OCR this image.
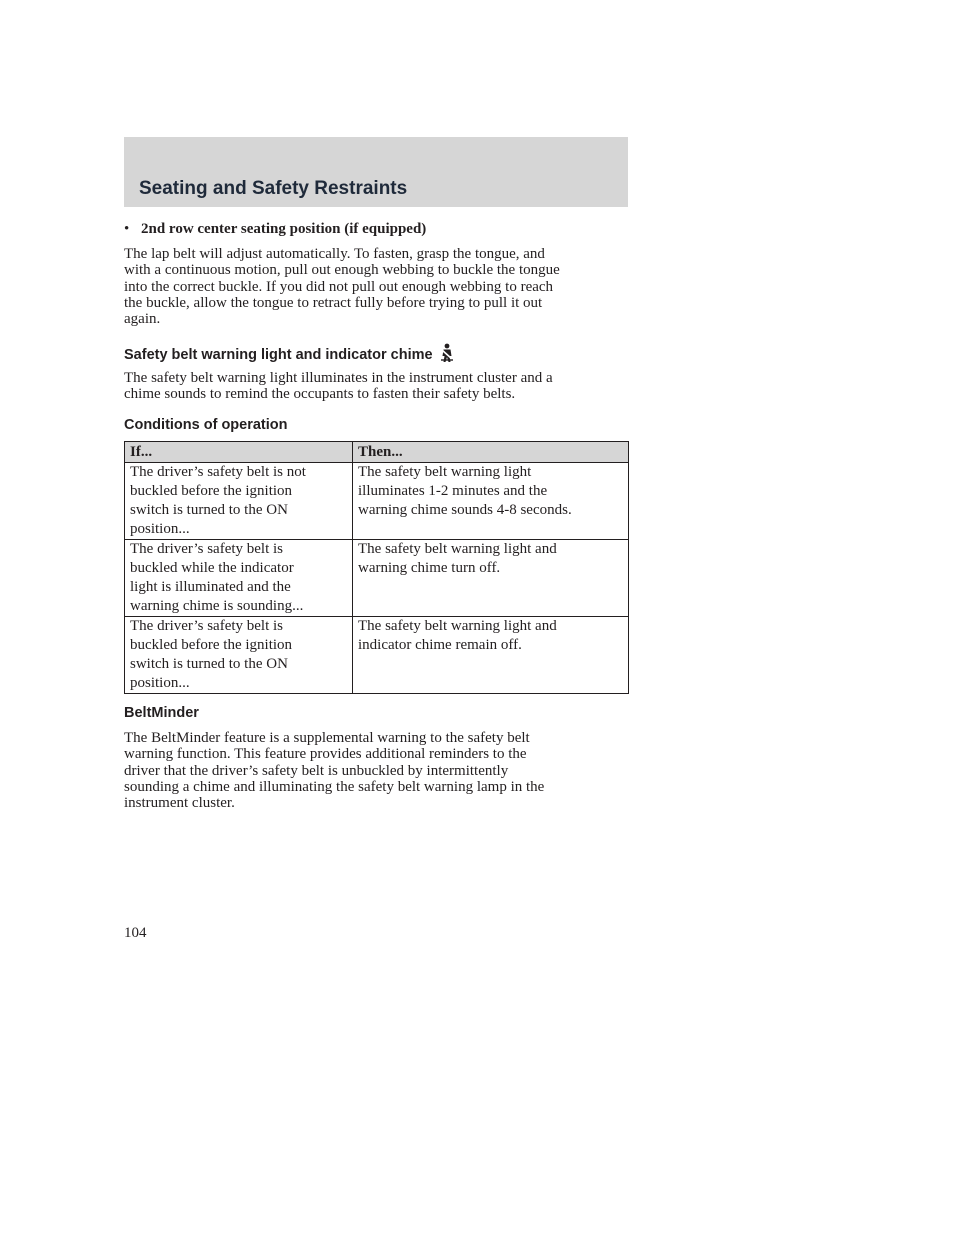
Seating and Safety Restraints
• 2nd row center seating position (if equipped)
The lap belt will adjust automatically. To fasten, grasp the tongue, and
with a continuous motion, pull out enough webbing to buckle the tongue
into the correct buckle. If you did not pull out enough webbing to reach
the buckle, allow the tongue to retract fully before trying to pull it out
again.
Safety belt warning light and indicator chime
The safety belt warning light illuminates in the instrument cluster and a
chime sounds to remind the occupants to fasten their safety belts.
Conditions of operation
If...	Then...

The driver’s safety belt is not
buckled before the ignition
switch is turned to the ON
position...	The safety belt warning light
illuminates 1-2 minutes and the
warning chime sounds 4-8 seconds.

The driver’s safety belt is
buckled while the indicator
light is illuminated and the
warning chime is sounding...	The safety belt warning light and
warning chime turn off.

The driver’s safety belt is
buckled before the ignition
switch is turned to the ON
position...	The safety belt warning light and
indicator chime remain off.
BeltMinder
The BeltMinder feature is a supplemental warning to the safety belt
warning function. This feature provides additional reminders to the
driver that the driver’s safety belt is unbuckled by intermittently
sounding a chime and illuminating the safety belt warning lamp in the
instrument cluster.
104
